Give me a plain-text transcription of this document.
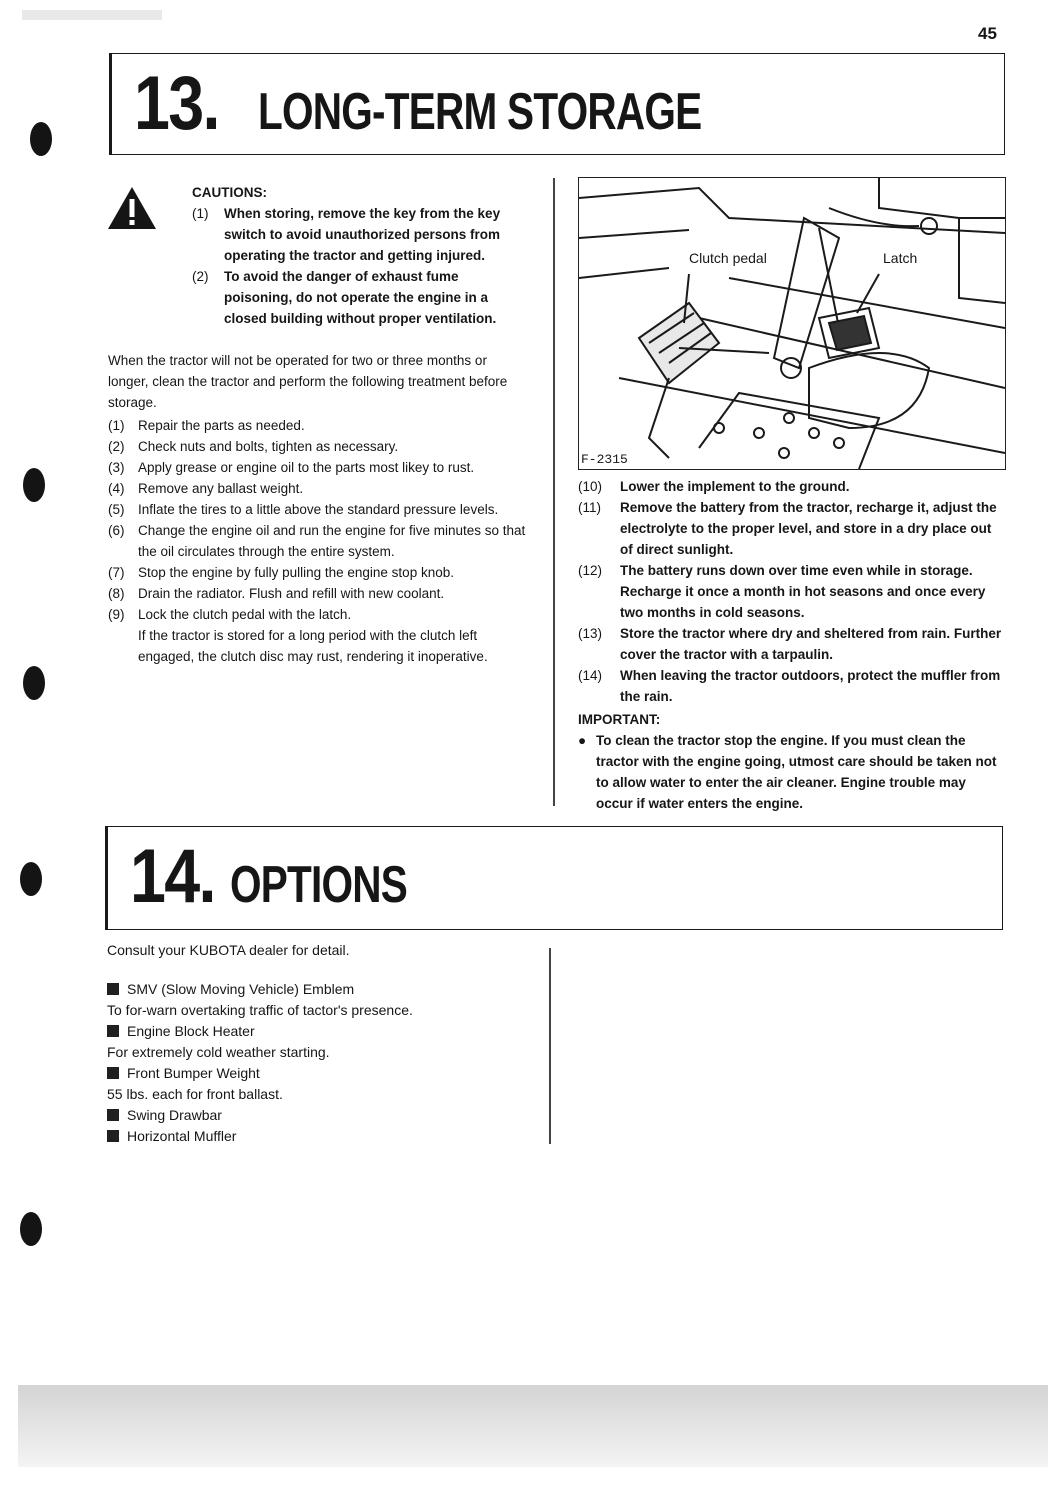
45
13. LONG-TERM STORAGE

CAUTIONS:

(1) When storing, remove the key from the key switch to avoid unauthorized persons from operating the tractor and getting injured.
(2) To avoid the danger of exhaust fume poisoning, do not operate the engine in a closed building without proper ventilation.

When the tractor will not be operated for two or three months or longer, clean the tractor and perform the following treatment before storage.

(1) Repair the parts as needed.
(2) Check nuts and bolts, tighten as necessary.
(3) Apply grease or engine oil to the parts most likey to rust.
(4) Remove any ballast weight.
(5) Inflate the tires to a little above the standard pressure levels.
(6) Change the engine oil and run the engine for five minutes so that the oil circulates through the entire system.
(7) Stop the engine by fully pulling the engine stop knob.
(8) Drain the radiator. Flush and refill with new coolant.
(9) Lock the clutch pedal with the latch.

If the tractor is stored for a long period with the clutch left engaged, the clutch disc may rust, rendering it inoperative.

Clutch pedal	Latch
F-2315
(10) Lower the implement to the ground.
(11) Remove the battery from the tractor, recharge it, adjust the electrolyte to the proper level, and store in a dry place out of direct sunlight.
(12) The battery runs down over time even while in storage. Recharge it once a month in hot seasons and once every two months in cold seasons.
(13) Store the tractor where dry and sheltered from rain. Further cover the tractor with a tarpaulin.
(14) When leaving the tractor outdoors, protect the muffler from the rain.

IMPORTANT:

● To clean the tractor stop the engine. If you must clean the tractor with the engine going, utmost care should be taken not to allow water to enter the air cleaner. Engine trouble may occur if water enters the engine.
14. OPTIONS

Consult your KUBOTA dealer for detail.

SMV (Slow Moving Vehicle) Emblem

To for-warn overtaking traffic of tactor's presence.

Engine Block Heater

For extremely cold weather starting.

Front Bumper Weight

55 lbs. each for front ballast.

Swing Drawbar

Horizontal Muffler
